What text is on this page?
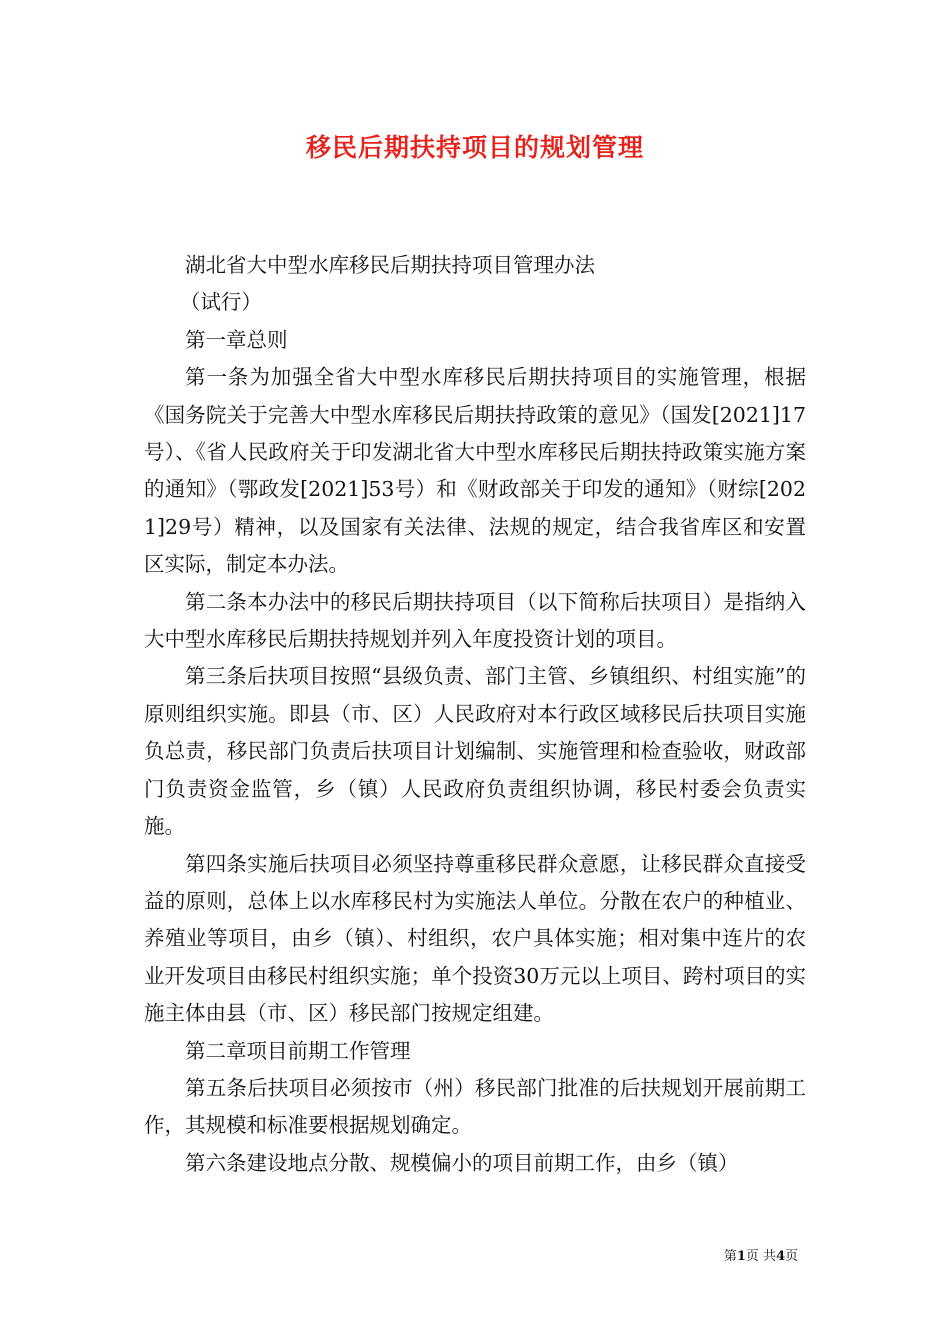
移民后期扶持项目的规划管理

湖北省大中型水库移民后期扶持项目管理办法

（试行）

第一章总则

第一条为加强全省大中型水库移民后期扶持项目的实施管理，根据《国务院关于完善大中型水库移民后期扶持政策的意见》（国发[2021]17号）、《省人民政府关于印发湖北省大中型水库移民后期扶持政策实施方案的通知》（鄂政发[2021]53号）和《财政部关于印发的通知》（财综[2021]29号）精神，以及国家有关法律、法规的规定，结合我省库区和安置区实际，制定本办法。

第二条本办法中的移民后期扶持项目（以下简称后扶项目）是指纳入大中型水库移民后期扶持规划并列入年度投资计划的项目。

第三条后扶项目按照“县级负责、部门主管、乡镇组织、村组实施”的原则组织实施。即县（市、区）人民政府对本行政区域移民后扶项目实施负总责，移民部门负责后扶项目计划编制、实施管理和检查验收，财政部门负责资金监管，乡（镇）人民政府负责组织协调，移民村委会负责实施。

第四条实施后扶项目必须坚持尊重移民群众意愿，让移民群众直接受益的原则，总体上以水库移民村为实施法人单位。分散在农户的种植业、养殖业等项目，由乡（镇）、村组织，农户具体实施；相对集中连片的农业开发项目由移民村组织实施；单个投资30万元以上项目、跨村项目的实施主体由县（市、区）移民部门按规定组建。

第二章项目前期工作管理

第五条后扶项目必须按市（州）移民部门批准的后扶规划开展前期工作，其规模和标准要根据规划确定。

第六条建设地点分散、规模偏小的项目前期工作，由乡（镇）

第1页 共4页
